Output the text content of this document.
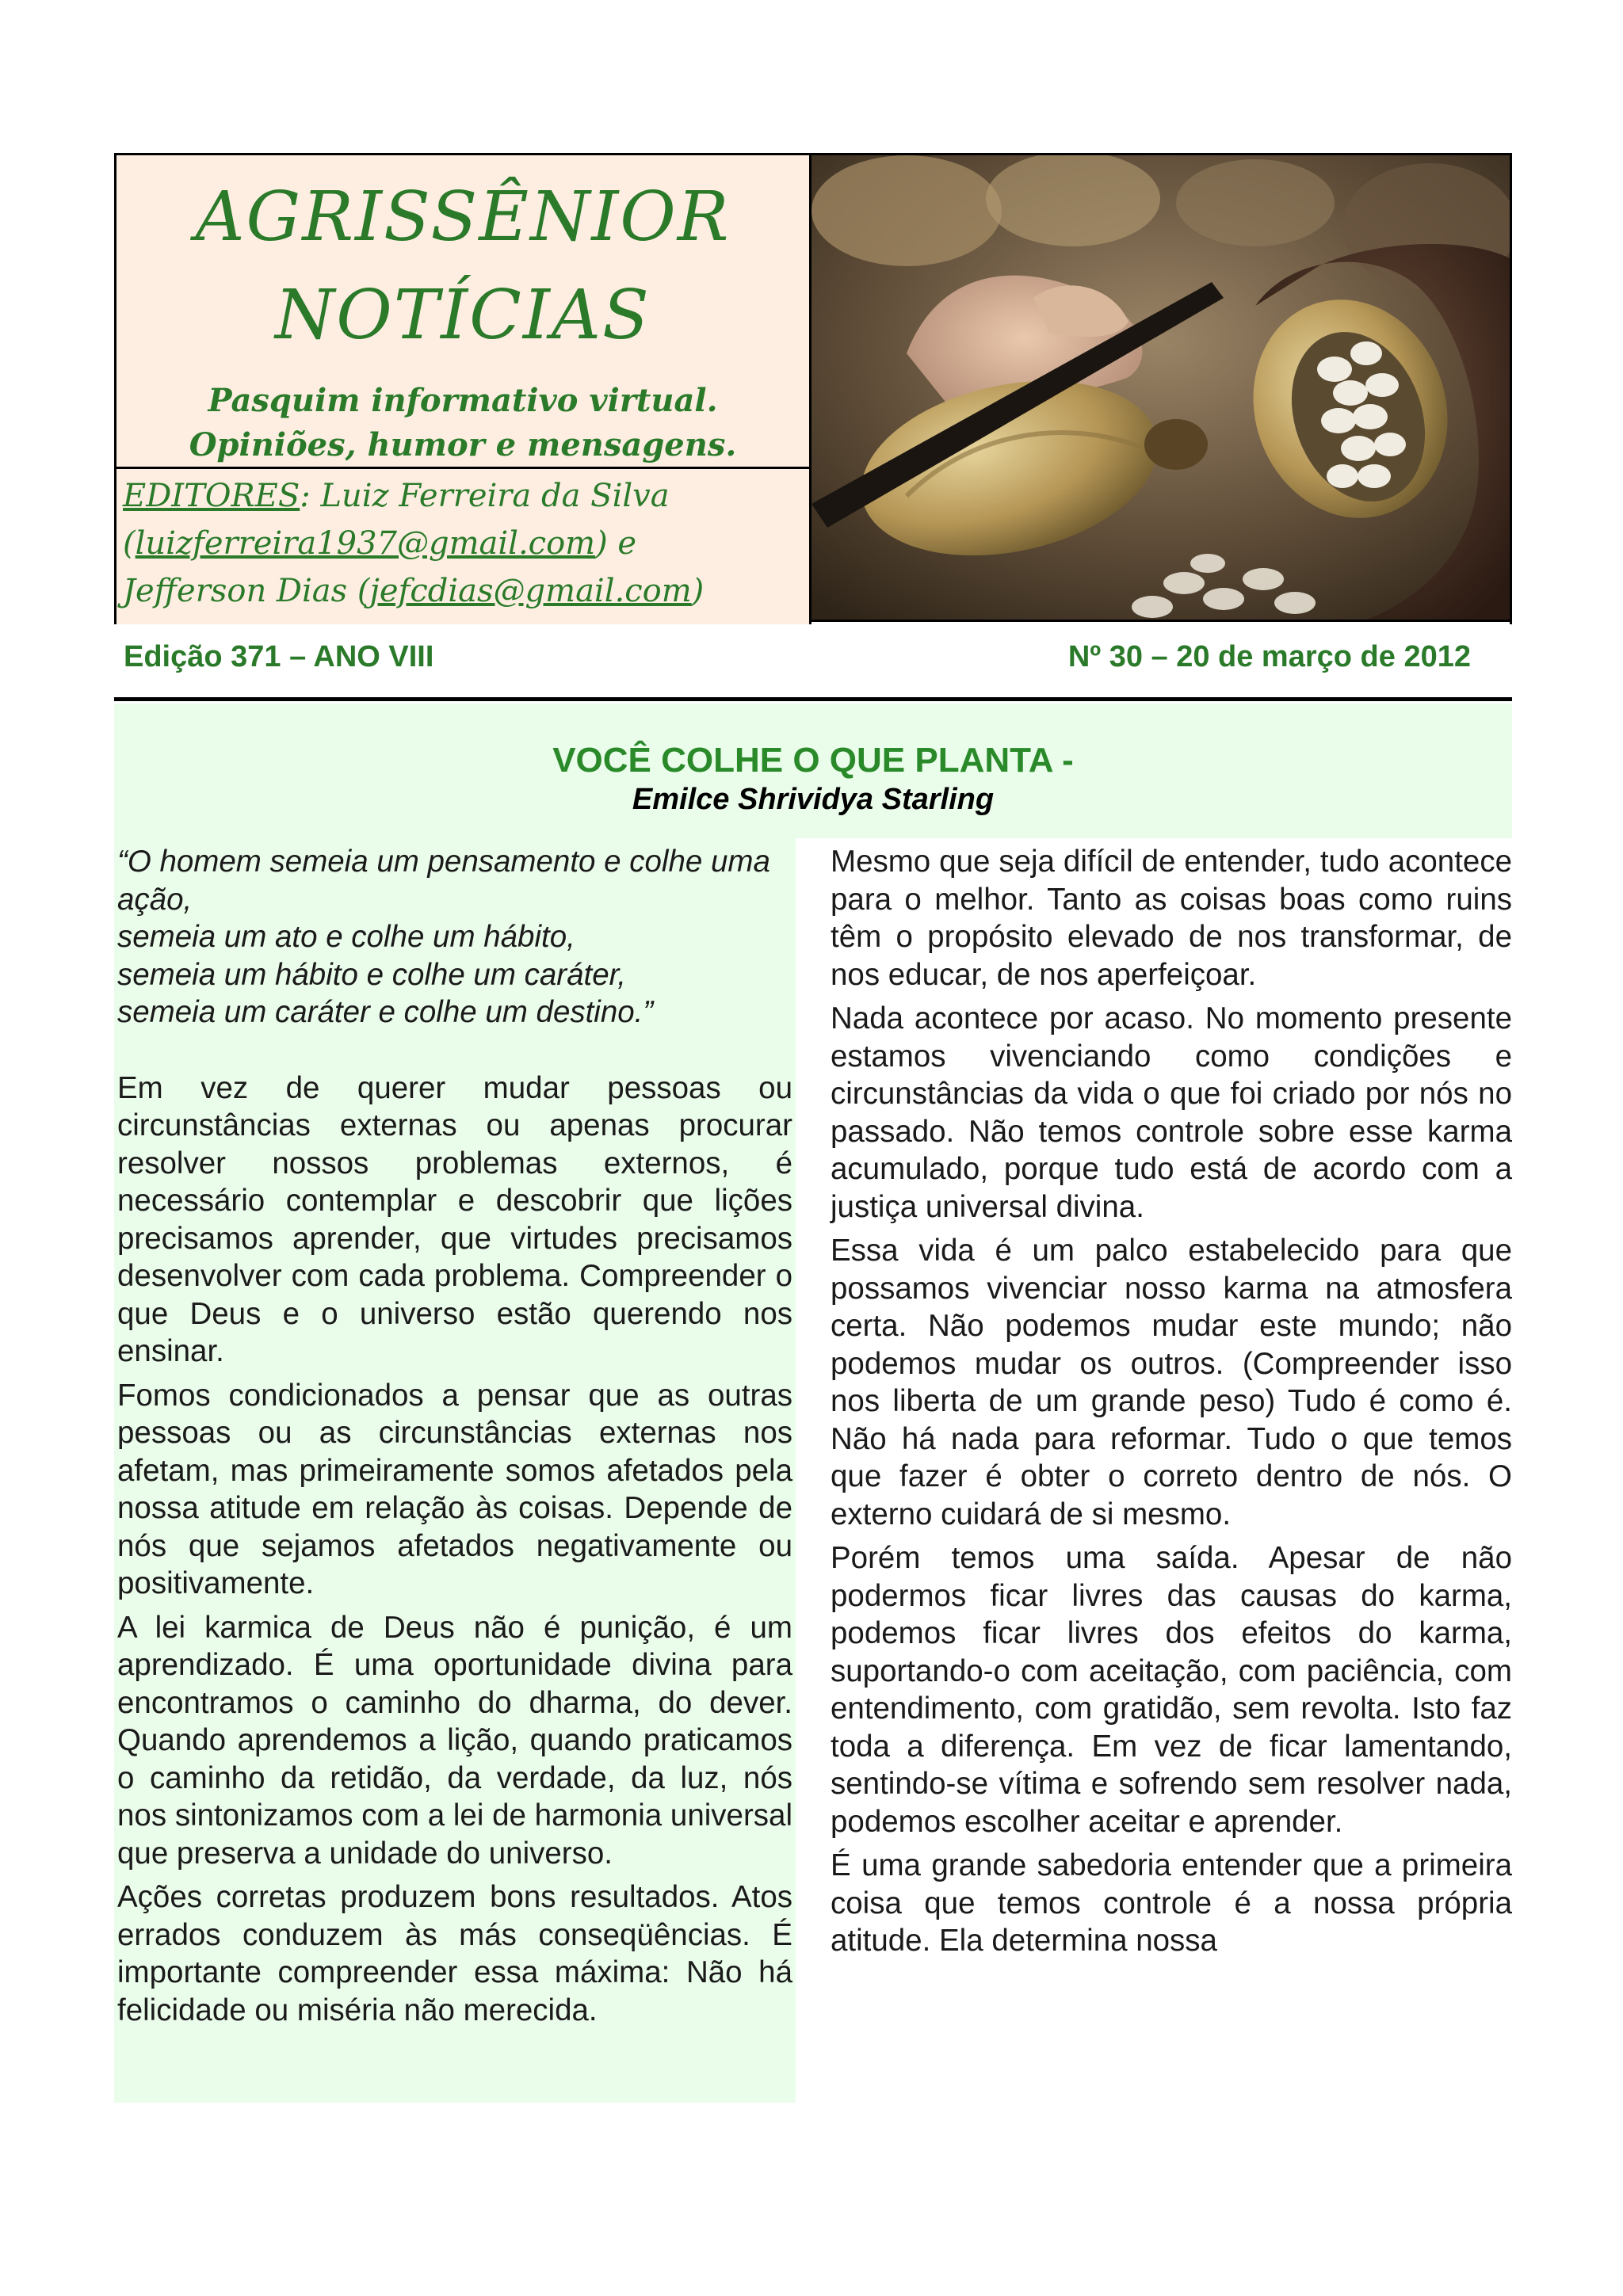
AGRISSÊNIOR
NOTÍCIAS
Pasquim informativo virtual.
Opiniões, humor e mensagens.
EDITORES: Luiz Ferreira da Silva
(luizferreira1937@gmail.com) e
Jefferson Dias (jefcdias@gmail.com)
Edição 371 – ANO VIII	Nº 30 – 20 de março de 2012
VOCÊ COLHE O QUE PLANTA -
Emilce Shrividya Starling
“O homem semeia um pensamento e colhe uma ação,
semeia um ato e colhe um hábito,
semeia um hábito e colhe um caráter,
semeia um caráter e colhe um destino.”

Em vez de querer mudar pessoas ou circunstâncias externas ou apenas procurar resolver nossos problemas externos, é necessário contemplar e descobrir que lições precisamos aprender, que virtudes precisamos desenvolver com cada problema. Compreender o que Deus e o universo estão querendo nos ensinar.

Fomos condicionados a pensar que as outras pessoas ou as circunstâncias externas nos afetam, mas primeiramente somos afetados pela nossa atitude em relação às coisas. Depende de nós que sejamos afetados negativamente ou positivamente.

A lei karmica de Deus não é punição, é um aprendizado. É uma oportunidade divina para encontramos o caminho do dharma, do dever. Quando aprendemos a lição, quando praticamos o caminho da retidão, da verdade, da luz, nós nos sintonizamos com a lei de harmonia universal que preserva a unidade do universo.

Ações corretas produzem bons resultados. Atos errados conduzem às más conseqüências. É importante compreender essa máxima: Não há felicidade ou miséria não merecida.

Mesmo que seja difícil de entender, tudo acontece para o melhor. Tanto as coisas boas como ruins têm o propósito elevado de nos transformar, de nos educar, de nos aperfeiçoar.

Nada acontece por acaso. No momento presente estamos vivenciando como condições e circunstâncias da vida o que foi criado por nós no passado. Não temos controle sobre esse karma acumulado, porque tudo está de acordo com a justiça universal divina.

Essa vida é um palco estabelecido para que possamos vivenciar nosso karma na atmosfera certa. Não podemos mudar este mundo; não podemos mudar os outros. (Compreender isso nos liberta de um grande peso) Tudo é como é. Não há nada para reformar. Tudo o que temos que fazer é obter o correto dentro de nós. O externo cuidará de si mesmo.

Porém temos uma saída. Apesar de não podermos ficar livres das causas do karma, podemos ficar livres dos efeitos do karma, suportando-o com aceitação, com paciência, com entendimento, com gratidão, sem revolta. Isto faz toda a diferença. Em vez de ficar lamentando, sentindo-se vítima e sofrendo sem resolver nada, podemos escolher aceitar e aprender.

É uma grande sabedoria entender que a primeira coisa que temos controle é a nossa própria atitude. Ela determina nossa
